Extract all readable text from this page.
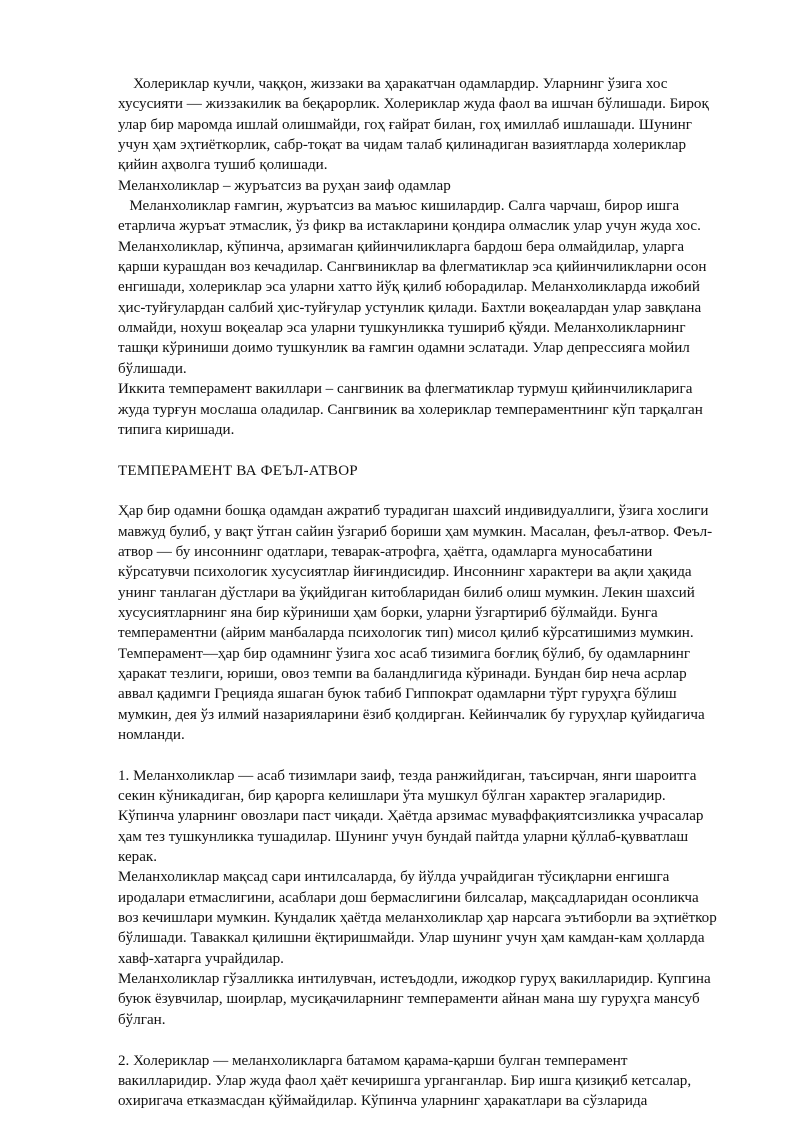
Холериклар кучли, чаққон, жиззаки ва ҳаракатчан одамлардир. Уларнинг ўзига хос хусусияти — жиззакилик ва беқарорлик. Холериклар жуда фаол ва ишчан бўлишади. Бироқ улар бир маромда ишлай олишмайди, гоҳ ғайрат билан, гоҳ имиллаб ишлашади. Шунинг учун ҳам эҳтиёткорлик, сабр-тоқат ва чидам талаб қилинадиган вазиятларда холериклар қийин аҳволга тушиб қолишади.

Меланхоликлар – журъатсиз ва руҳан заиф одамлар

Меланхоликлар ғамгин, журъатсиз ва маъюс кишилардир. Салга чарчаш, бирор ишга етарлича журъат этмаслик, ўз фикр ва истакларини қондира олмаслик улар учун жуда хос. Меланхоликлар, кўпинча, арзимаган қийинчиликларга бардош бера олмайдилар, уларга қарши курашдан воз кечадилар. Сангвиниклар ва флегматиклар эса қийинчиликларни осон енгишади, холериклар эса уларни хатто йўқ қилиб юборадилар. Меланхоликларда ижобий ҳис-туйғулардан салбий ҳис-туйғулар устунлик қилади. Бахтли воқеалардан улар завқлана олмайди, нохуш воқеалар эса уларни тушкунликка тушириб қўяди. Меланхоликларнинг ташқи кўриниши доимо тушкунлик ва ғамгин одамни эслатади. Улар депрессияга мойил бўлишади.

Иккита темперамент вакиллари – сангвиник ва флегматиклар турмуш қийинчиликларига жуда турғун мослаша оладилар. Сангвиник ва холериклар темпераментнинг кўп тарқалган типига киришади.

ТЕМПЕРАМЕНТ ВА ФЕЪЛ-АТВОР

Ҳар бир одамни бошқа одамдан ажратиб турадиган шахсий индивидуаллиги, ўзига хослиги мавжуд булиб, у вақт ўтган сайин ўзгариб бориши ҳам мумкин. Масалан, феъл-атвор. Феъл-атвор — бу инсоннинг одатлари, теварак-атрофга, ҳаётга, одамларга муносабатини кўрсатувчи психологик хусусиятлар йиғиндисидир. Инсоннинг характери ва ақли ҳақида унинг танлаган дўстлари ва ўқийдиган китобларидан билиб олиш мумкин. Лекин шахсий хусусиятларнинг яна бир кўриниши ҳам борки, уларни ўзгартириб бўлмайди. Бунга темпераментни (айрим манбаларда психологик тип) мисол қилиб кўрсатишимиз мумкин.

Темперамент—ҳар бир одамнинг ўзига хос асаб тизимига боғлиқ бўлиб, бу одамларнинг ҳаракат тезлиги, юриши, овоз темпи ва баландлигида кўринади. Бундан бир неча асрлар аввал қадимги Грецияда яшаган буюк табиб Гиппократ одамларни тўрт гуруҳга бўлиш мумкин, дея ўз илмий назарияларини ёзиб қолдирган. Кейинчалик бу гуруҳлар қуйидагича номланди.

1. Меланхоликлар — асаб тизимлари заиф, тезда ранжийдиган, таъсирчан, янги шароитга секин кўникадиган, бир қарорга келишлари ўта мушкул бўлган характер эгаларидир. Кўпинча уларнинг овозлари паст чиқади. Ҳаётда арзимас муваффақиятсизликка учрасалар ҳам тез тушкунликка тушадилар. Шунинг учун бундай пайтда уларни қўллаб-қувватлаш керак.

Меланхоликлар мақсад сари интилсаларда, бу йўлда учрайдиган тўсиқларни енгишга иродалари етмаслигини, асаблари дош бермаслигини билсалар, мақсадларидан осонликча воз кечишлари мумкин. Кундалик ҳаётда меланхоликлар ҳар нарсага эътиборли ва эҳтиёткор бўлишади. Таваккал қилишни ёқтиришмайди. Улар шунинг учун ҳам камдан-кам ҳолларда хавф-хатарга учрайдилар.

Меланхоликлар гўзалликка интилувчан, истеъдодли, ижодкор гуруҳ вакилларидир. Купгина буюк ёзувчилар, шоирлар, мусиқачиларнинг темпераменти айнан мана шу гуруҳга мансуб бўлган.

2. Холериклар — меланхоликларга батамом қарама-қарши булган темперамент вакилларидир. Улар жуда фаол ҳаёт кечиришга урганганлар. Бир ишга қизиқиб кетсалар, охиригача етказмасдан қўймайдилар. Кўпинча уларнинг ҳаракатлари ва сўзларида
